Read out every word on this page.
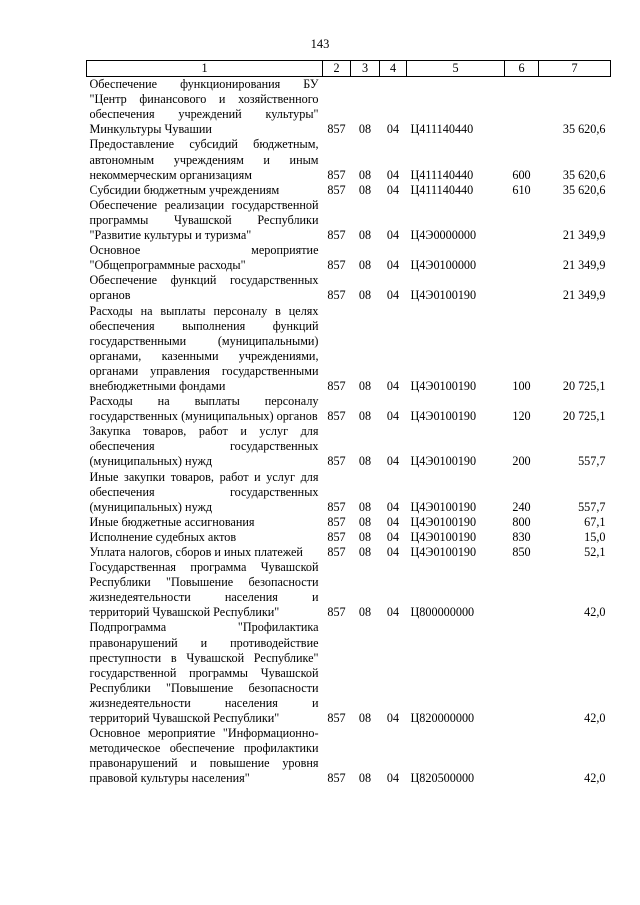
143
1	2	3	4	5	6	7
Обеспечение функционирования БУ "Центр финансового и хозяйственного обеспечения учреждений культуры" Минкультуры Чувашии	857	08	04	Ц411140440		35 620,6
Предоставление субсидий бюджетным, автономным учреждениям и иным некоммерческим организациям	857	08	04	Ц411140440	600	35 620,6
Субсидии бюджетным учреждениям	857	08	04	Ц411140440	610	35 620,6
Обеспечение реализации государственной программы Чувашской Республики "Развитие культуры и туризма"	857	08	04	Ц4Э0000000		21 349,9
Основное мероприятие "Общепрограммные расходы"	857	08	04	Ц4Э0100000		21 349,9
Обеспечение функций государственных органов	857	08	04	Ц4Э0100190		21 349,9
Расходы на выплаты персоналу в целях обеспечения выполнения функций государственными (муниципальными) органами, казенными учреждениями, органами управления государственными внебюджетными фондами	857	08	04	Ц4Э0100190	100	20 725,1
Расходы на выплаты персоналу государственных (муниципальных) органов	857	08	04	Ц4Э0100190	120	20 725,1
Закупка товаров, работ и услуг для обеспечения государственных (муниципальных) нужд	857	08	04	Ц4Э0100190	200	557,7
Иные закупки товаров, работ и услуг для обеспечения государственных (муниципальных) нужд	857	08	04	Ц4Э0100190	240	557,7
Иные бюджетные ассигнования	857	08	04	Ц4Э0100190	800	67,1
Исполнение судебных актов	857	08	04	Ц4Э0100190	830	15,0
Уплата налогов, сборов и иных платежей	857	08	04	Ц4Э0100190	850	52,1
Государственная программа Чувашской Республики "Повышение безопасности жизнедеятельности населения и территорий Чувашской Республики"	857	08	04	Ц800000000		42,0
Подпрограмма "Профилактика правонарушений и противодействие преступности в Чувашской Республике" государственной программы Чувашской Республики "Повышение безопасности жизнедеятельности населения и территорий Чувашской Республики"	857	08	04	Ц820000000		42,0
Основное мероприятие "Информационно-методическое обеспечение профилактики правонарушений и повышение уровня правовой культуры населения"	857	08	04	Ц820500000		42,0
